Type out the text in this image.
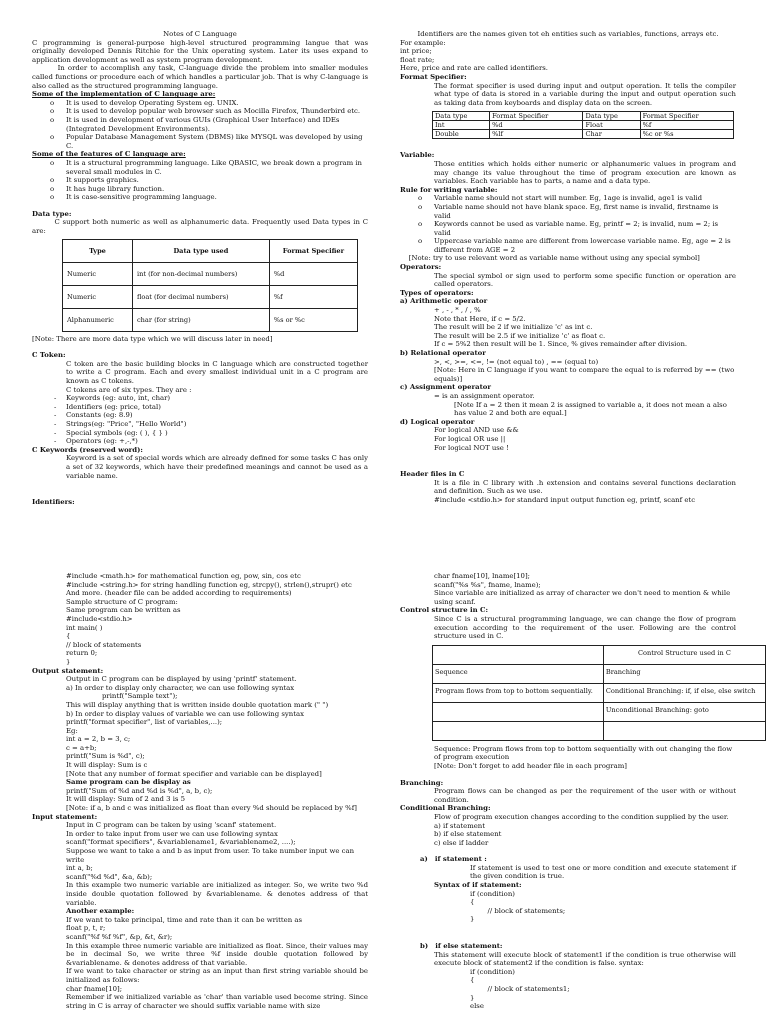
Notes of C Language
C programming is general-purpose high-level structured programming langue that was originally developed Dennis Ritchie for the Unix operating system. Later its uses expand to application development as well as system program development.
In order to accomplish any task, C-language divide the problem into smaller modules called functions or procedure each of which handles a particular job. That is why C-language is also called as the structured programming language.
Some of the implementation of C language are:
o It is used to develop Operating System eg. UNIX.
o It is used to develop popular web browser such as Mocilla Firefox, Thunderbird etc.
o It is used in development of various GUIs (Graphical User Interface) and IDEs (Integrated Development Environments).
o Popular Database Management System (DBMS) like MYSQL was developed by using C.
Some of the features of C language are:
o It is a structural programming language. Like QBASIC, we break down a program in several small modules in C.
o It supports graphics.
o It has huge library function.
o It is case-sensitive programming language.
Data type:
C support both numeric as well as alphanumeric data. Frequently used Data types in C are:
Type	Data type used	Format Specifier
Numeric	int (for non-decimal numbers)	%d
Numeric	float (for decimal numbers)	%f
Alphanumeric	char (for string)	%s or %c
[Note: There are more data type which we will discuss later in need]
C Token:
C token are the basic building blocks in C language which are constructed together to write a C program. Each and every smallest individual unit in a C program are known as C tokens.
C tokens are of six types. They are :
- Keywords (eg: auto, int, char)
- Identifiers (eg: price, total)
- Constants (eg: 8.9)
- Strings(eg: "Price", "Hello World")
- Special symbols (eg: ( ), { } )
- Operators (eg: +,-,*)
C Keywords (reserved word):
Keyword is a set of special words which are already defined for some tasks C has only a set of 32 keywords, which have their predefined meanings and cannot be used as a variable name.
Identifiers:
Identifiers are the names given tot eh entities such as variables, functions, arrays etc.
For example:
int price;
float rate;
Here, price and rate are called identifiers.
Format Specifier:
The format specifier is used during input and output operation. It tells the compiler what type of data is stored in a variable during the input and output operation such as taking data from keyboards and display data on the screen.
Data type	Format Specifier	Data type	Format Specifier
Int	%d	Float	%f
Double	%lf	Char	%c or %s
Variable:
Those entities which holds either numeric or alphanumeric values in program and may change its value throughout the time of program execution are known as variables. Each variable has to parts, a name and a data type.
Rule for writing variable:
o Variable name should not start will number. Eg, 1age is invalid, age1 is valid
o Variable name should not have blank space. Eg, first name is invalid, firstname is valid
o Keywords cannot be used as variable name. Eg, printf = 2; is invalid, num = 2; is valid
o Uppercase variable name are different from lowercase variable name. Eg, age = 2 is different from AGE = 2
[Note: try to use relevant word as variable name without using any special symbol]
Operators:
The special symbol or sign used to perform some specific function or operation are called operators.
Types of operators:
a) Arithmetic operator
+ , - , * , / , %
Note that Here, if c = 5/2.
The result will be 2 if we initialize 'c' as int c.
The result will be 2.5 if we initialize 'c' as float c.
If c = 5%2 then result will be 1. Since, % gives remainder after division.
b) Relational operator
>, <, >=, <=, != (not equal to) , == (equal to)
[Note: Here in C language if you want to compare the equal to is referred by == (two equals)]
c) Assignment operator
= is an assignment operator.
[Note If a = 2 then it mean 2 is assigned to variable a, it does not mean a also has value 2 and both are equal.]
d) Logical operator
For logical AND use &&
For logical OR use ||
For logical NOT use !
Header files in C
It is a file in C library with .h extension and contains several functions declaration and definition. Such as we use.
#include <stdio.h> for standard input output function eg, printf, scanf etc
#include <math.h> for mathematical function eg, pow, sin, cos etc
#include <string.h> for string handling function eg, strcpy(), strlen(),strupr() etc
And more. (header file can be added according to requirements)
Sample structure of C program:
Same program can be written as
#include<stdio.h>
int main( )
{
// block of statements
return 0;
}
Output statement:
Output in C program can be displayed by using 'printf' statement.
a) In order to display only character, we can use following syntax
printf("Sample text");
This will display anything that is written inside double quotation mark (" ")
b) In order to display values of variable we can use following syntax
printf("format specifier", list of variables,...);
Eg:
int a = 2, b = 3, c;
c = a+b;
printf("Sum is %d", c);
It will display: Sum is c
[Note that any number of format specifier and variable can be displayed]
Same program can be display as
printf("Sum of %d and %d is %d", a, b, c);
It will display: Sum of 2 and 3 is 5
[Note: if a, b and c was initialized as float than every %d should be replaced by %f]
Input statement:
Input in C program can be taken by using 'scanf' statement.
In order to take input from user we can use following syntax
scanf("format specifiers", &variablename1, &variablename2, ....);
Suppose we want to take a and b as input from user. To take number input we can write
int a, b;
scanf("%d %d", &a, &b);
In this example two numeric variable are initialized as integer. So, we write two %d inside double quotation followed by &variablename. & denotes address of that variable.
Another example:
If we want to take principal, time and rate than it can be written as
float p, t, r;
scanf("%f %f %f", &p, &t, &r);
In this example three numeric variable are initialized as float. Since, their values may be in decimal So, we write three %f inside double quotation followed by &variablename. & denotes address of that variable.
If we want to take character or string as an input than first string variable should be initialized as follows:
char fname[10];
Remember if we initialized variable as 'char' than variable used become string. Since string in C is array of character we should suffix variable name with size
char fname[10], lname[10];
scanf("%s %s", fname, lname);
Since variable are initialized as array of character we don't need to mention & while using scanf.
Control structure in C:
Since C is a structural programming language, we can change the flow of program execution according to the requirement of the user. Following are the control structure used in C.
	Control Structure used in C
Sequence	Branching
Program flows from top to bottom sequentially.	Conditional Branching: if, if else, else switch
	Unconditional Branching: goto

Sequence: Program flows from top to bottom sequentially with out changing the flow of program execution
[Note: Don't forget to add header file in each program]
Branching:
Program flows can be changed as per the requirement of the user with or without condition.
Conditional Branching:
Flow of program execution changes according to the condition supplied by the user.
a) if statement
b) if else statement
c) else if ladder
a)   if statement :
If statement is used to test one or more condition and execute statement if the given condition is true.
Syntax of if statement:
if (condition)
{
// block of statements;
}
b)   if else statement:
This statement will execute block of statement1 if the condition is true otherwise will execute block of statement2 if the condition is false. syntax:
if (condition)
{
// block of statements1;
}
else
